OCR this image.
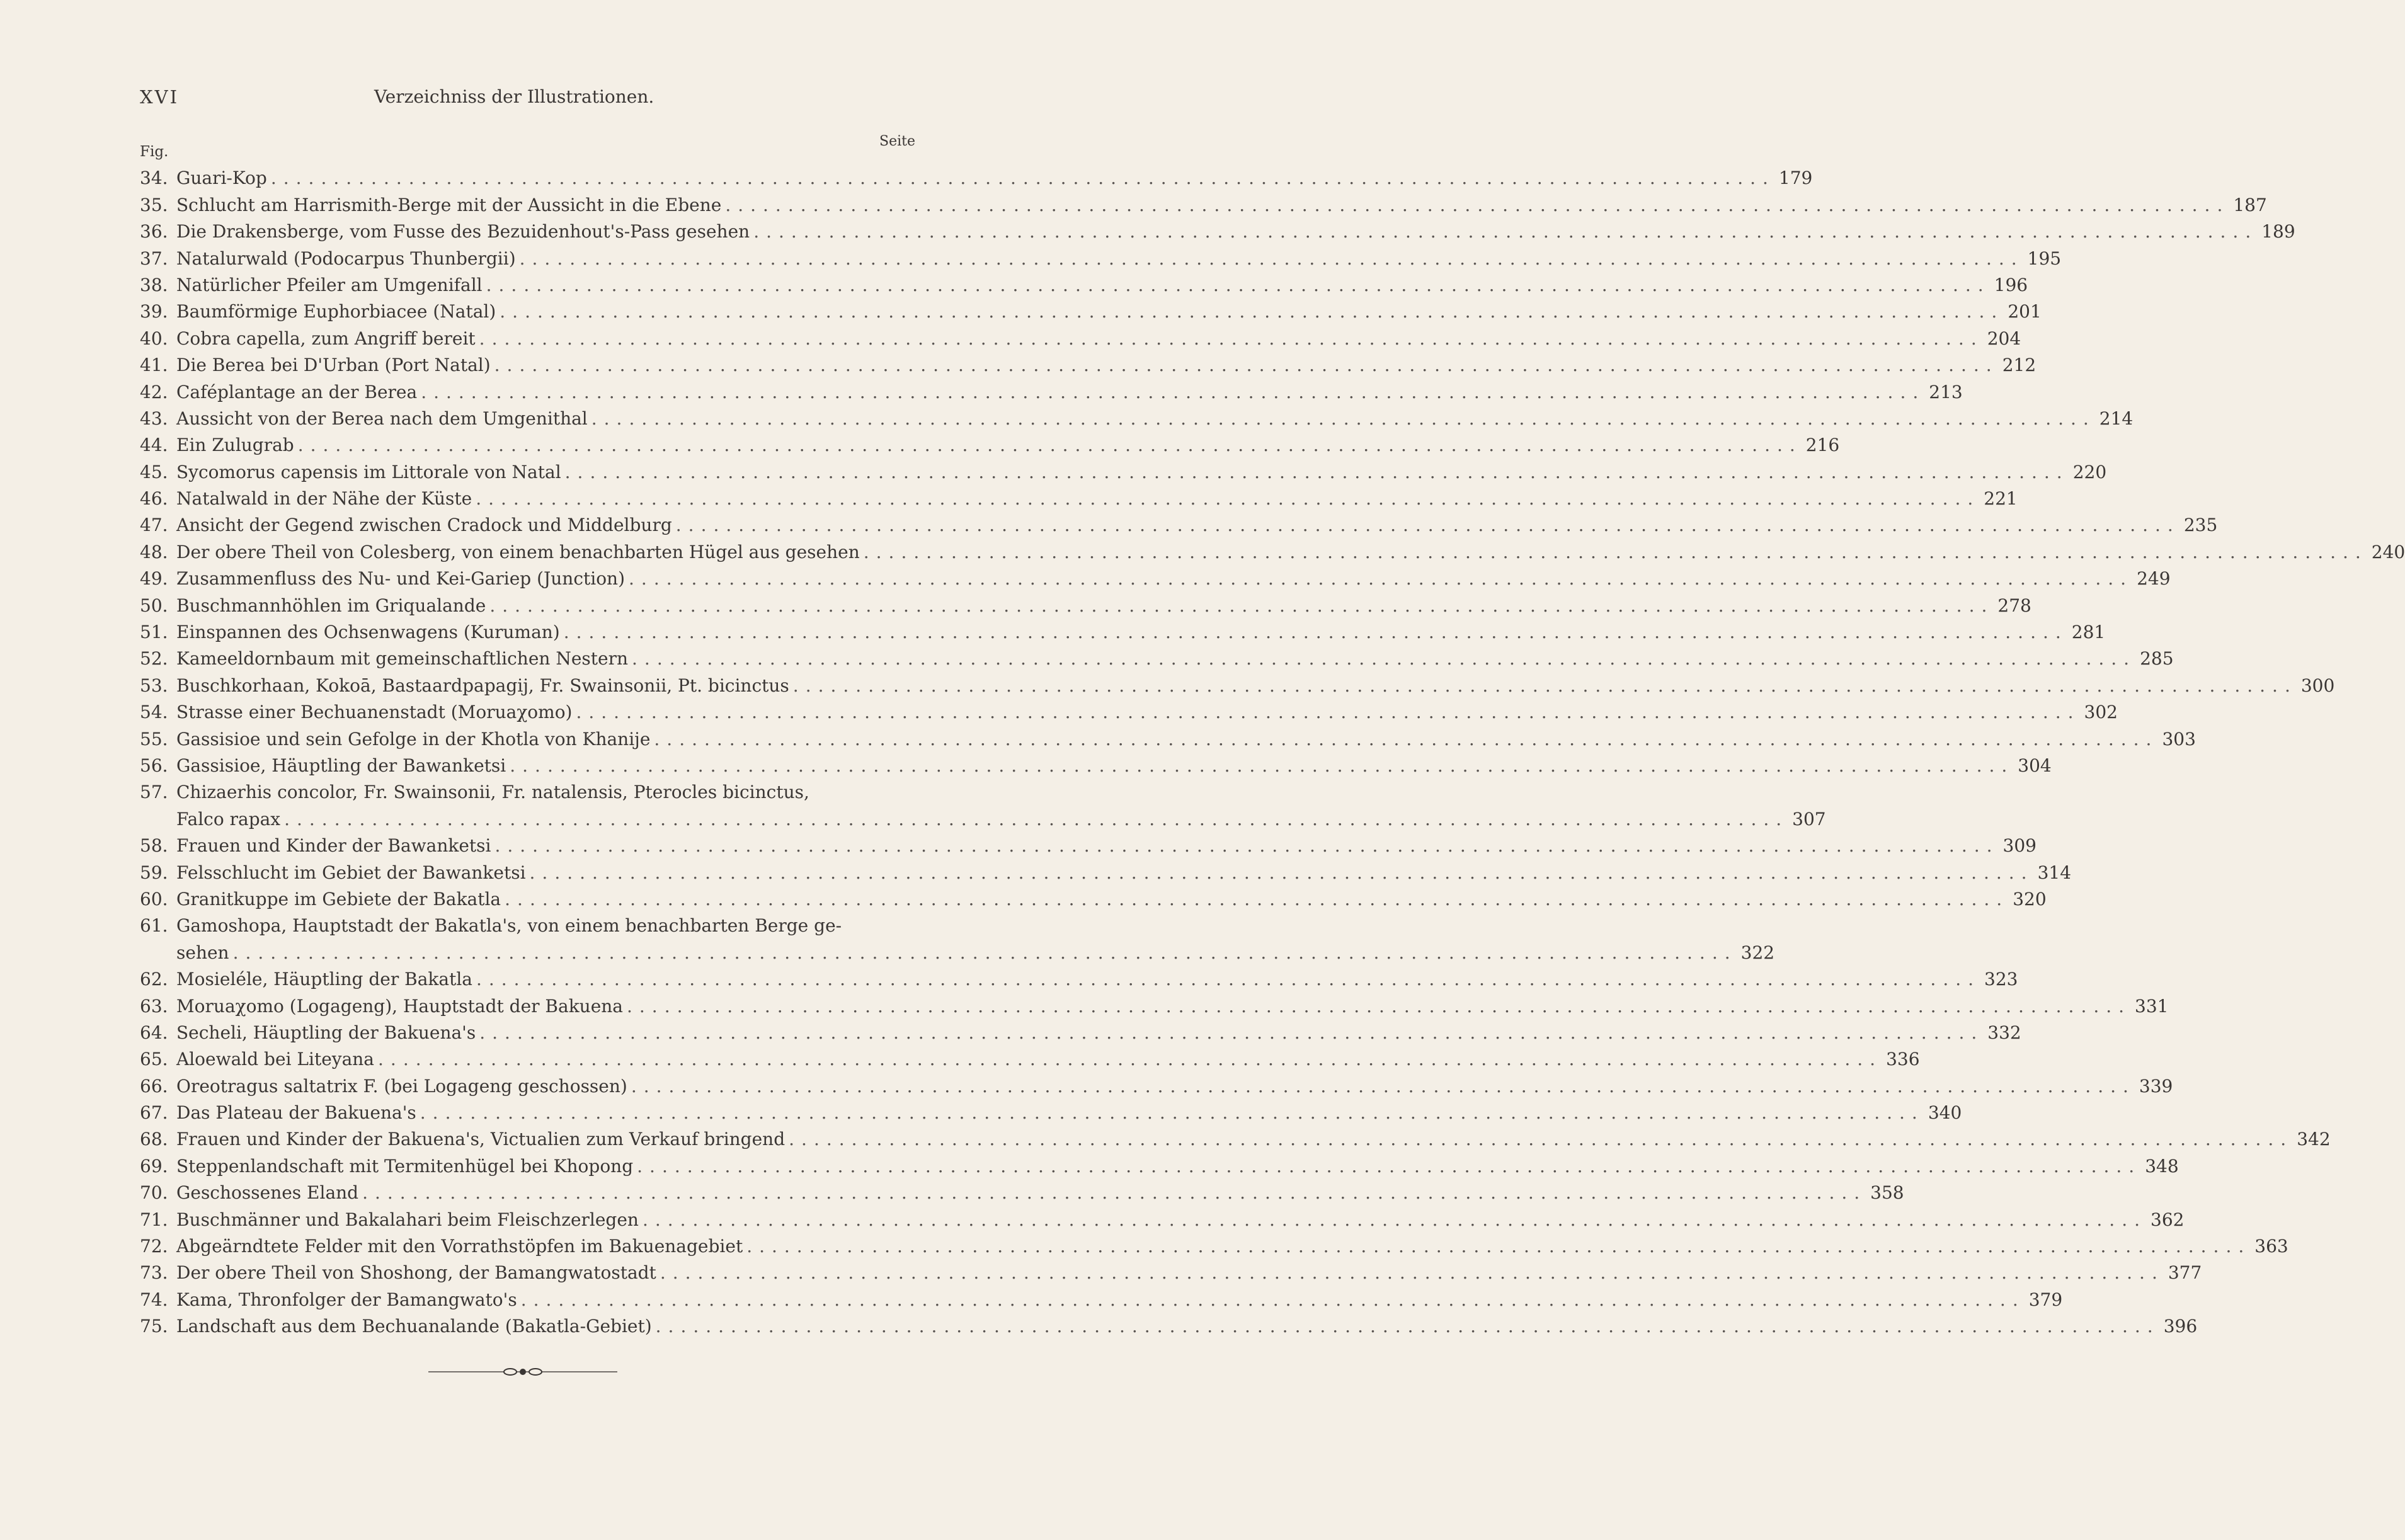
XVI	Verzeichniss der Illustrationen.
Fig.
Seite
34. Guari-Kop ........................................................................................................................ 179
35. Schlucht am Harrismith-Berge mit der Aussicht in die Ebene ........................................................................................................................ 187
36. Die Drakensberge, vom Fusse des Bezuidenhout's-Pass gesehen ........................................................................................................................ 189
37. Natalurwald (Podocarpus Thunbergii) ........................................................................................................................ 195
38. Natürlicher Pfeiler am Umgenifall ........................................................................................................................ 196
39. Baumförmige Euphorbiacee (Natal) ........................................................................................................................ 201
40. Cobra capella, zum Angriff bereit ........................................................................................................................ 204
41. Die Berea bei D'Urban (Port Natal) ........................................................................................................................ 212
42. Caféplantage an der Berea ........................................................................................................................ 213
43. Aussicht von der Berea nach dem Umgenithal ........................................................................................................................ 214
44. Ein Zulugrab ........................................................................................................................ 216
45. Sycomorus capensis im Littorale von Natal ........................................................................................................................ 220
46. Natalwald in der Nähe der Küste ........................................................................................................................ 221
47. Ansicht der Gegend zwischen Cradock und Middelburg ........................................................................................................................ 235
48. Der obere Theil von Colesberg, von einem benachbarten Hügel aus gesehen ........................................................................................................................ 240
49. Zusammenfluss des Nu- und Kei-Gariep (Junction) ........................................................................................................................ 249
50. Buschmannhöhlen im Griqualande ........................................................................................................................ 278
51. Einspannen des Ochsenwagens (Kuruman) ........................................................................................................................ 281
52. Kameeldornbaum mit gemeinschaftlichen Nestern ........................................................................................................................ 285
53. Buschkorhaan, Kokoā, Bastaardpapagij, Fr. Swainsonii, Pt. bicinctus ........................................................................................................................ 300
54. Strasse einer Bechuanenstadt (Moruaχomo) ........................................................................................................................ 302
55. Gassisioe und sein Gefolge in der Khotla von Khanije ........................................................................................................................ 303
56. Gassisioe, Häuptling der Bawanketsi ........................................................................................................................ 304
57. Chizaerhis concolor, Fr. Swainsonii, Fr. natalensis, Pterocles bicinctus,
Falco rapax ........................................................................................................................ 307
58. Frauen und Kinder der Bawanketsi ........................................................................................................................ 309
59. Felsschlucht im Gebiet der Bawanketsi ........................................................................................................................ 314
60. Granitkuppe im Gebiete der Bakatla ........................................................................................................................ 320
61. Gamoshopa, Hauptstadt der Bakatla's, von einem benachbarten Berge ge-
sehen ........................................................................................................................ 322
62. Mosieléle, Häuptling der Bakatla ........................................................................................................................ 323
63. Moruaχomo (Logageng), Hauptstadt der Bakuena ........................................................................................................................ 331
64. Secheli, Häuptling der Bakuena's ........................................................................................................................ 332
65. Aloewald bei Liteyana ........................................................................................................................ 336
66. Oreotragus saltatrix F. (bei Logageng geschossen) ........................................................................................................................ 339
67. Das Plateau der Bakuena's ........................................................................................................................ 340
68. Frauen und Kinder der Bakuena's, Victualien zum Verkauf bringend ........................................................................................................................ 342
69. Steppenlandschaft mit Termitenhügel bei Khopong ........................................................................................................................ 348
70. Geschossenes Eland ........................................................................................................................ 358
71. Buschmänner und Bakalahari beim Fleischzerlegen ........................................................................................................................ 362
72. Abgeärndtete Felder mit den Vorrathstöpfen im Bakuenagebiet ........................................................................................................................ 363
73. Der obere Theil von Shoshong, der Bamangwatostadt ........................................................................................................................ 377
74. Kama, Thronfolger der Bamangwato's ........................................................................................................................ 379
75. Landschaft aus dem Bechuanalande (Bakatla-Gebiet) ........................................................................................................................ 396
